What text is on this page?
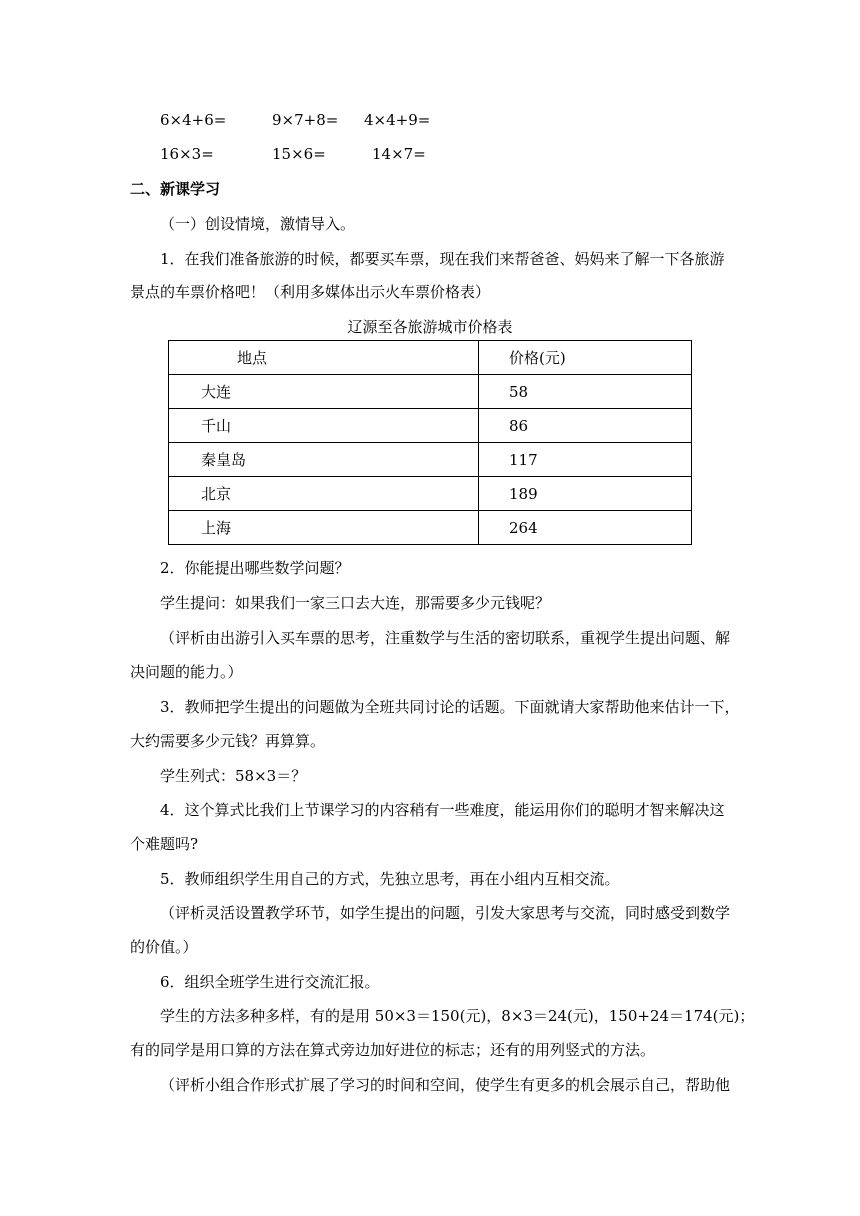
6×4+6=	9×7+8= 4×4+9=
16×3=	15×6=	14×7=
二、新课学习
（一）创设情境，激情导入。
1．在我们准备旅游的时候，都要买车票，现在我们来帮爸爸、妈妈来了解一下各旅游
景点的车票价格吧！（利用多媒体出示火车票价格表）
辽源至各旅游城市价格表
地点	价格(元)
大连	58
千山	86
秦皇岛	117
北京	189
上海	264
2．你能提出哪些数学问题？
学生提问：如果我们一家三口去大连，那需要多少元钱呢？
（评析由出游引入买车票的思考，注重数学与生活的密切联系，重视学生提出问题、解
决问题的能力。）
3．教师把学生提出的问题做为全班共同讨论的话题。下面就请大家帮助他来估计一下，
大约需要多少元钱？再算算。
学生列式：58×3＝？
4．这个算式比我们上节课学习的内容稍有一些难度，能运用你们的聪明才智来解决这
个难题吗?
5．教师组织学生用自己的方式，先独立思考，再在小组内互相交流。
（评析灵活设置教学环节，如学生提出的问题，引发大家思考与交流，同时感受到数学
的价值。）
6．组织全班学生进行交流汇报。
学生的方法多种多样，有的是用 50×3＝150(元)，8×3＝24(元)，150+24＝174(元)；
有的同学是用口算的方法在算式旁边加好进位的标志；还有的用列竖式的方法。
（评析小组合作形式扩展了学习的时间和空间，使学生有更多的机会展示自己，帮助他
